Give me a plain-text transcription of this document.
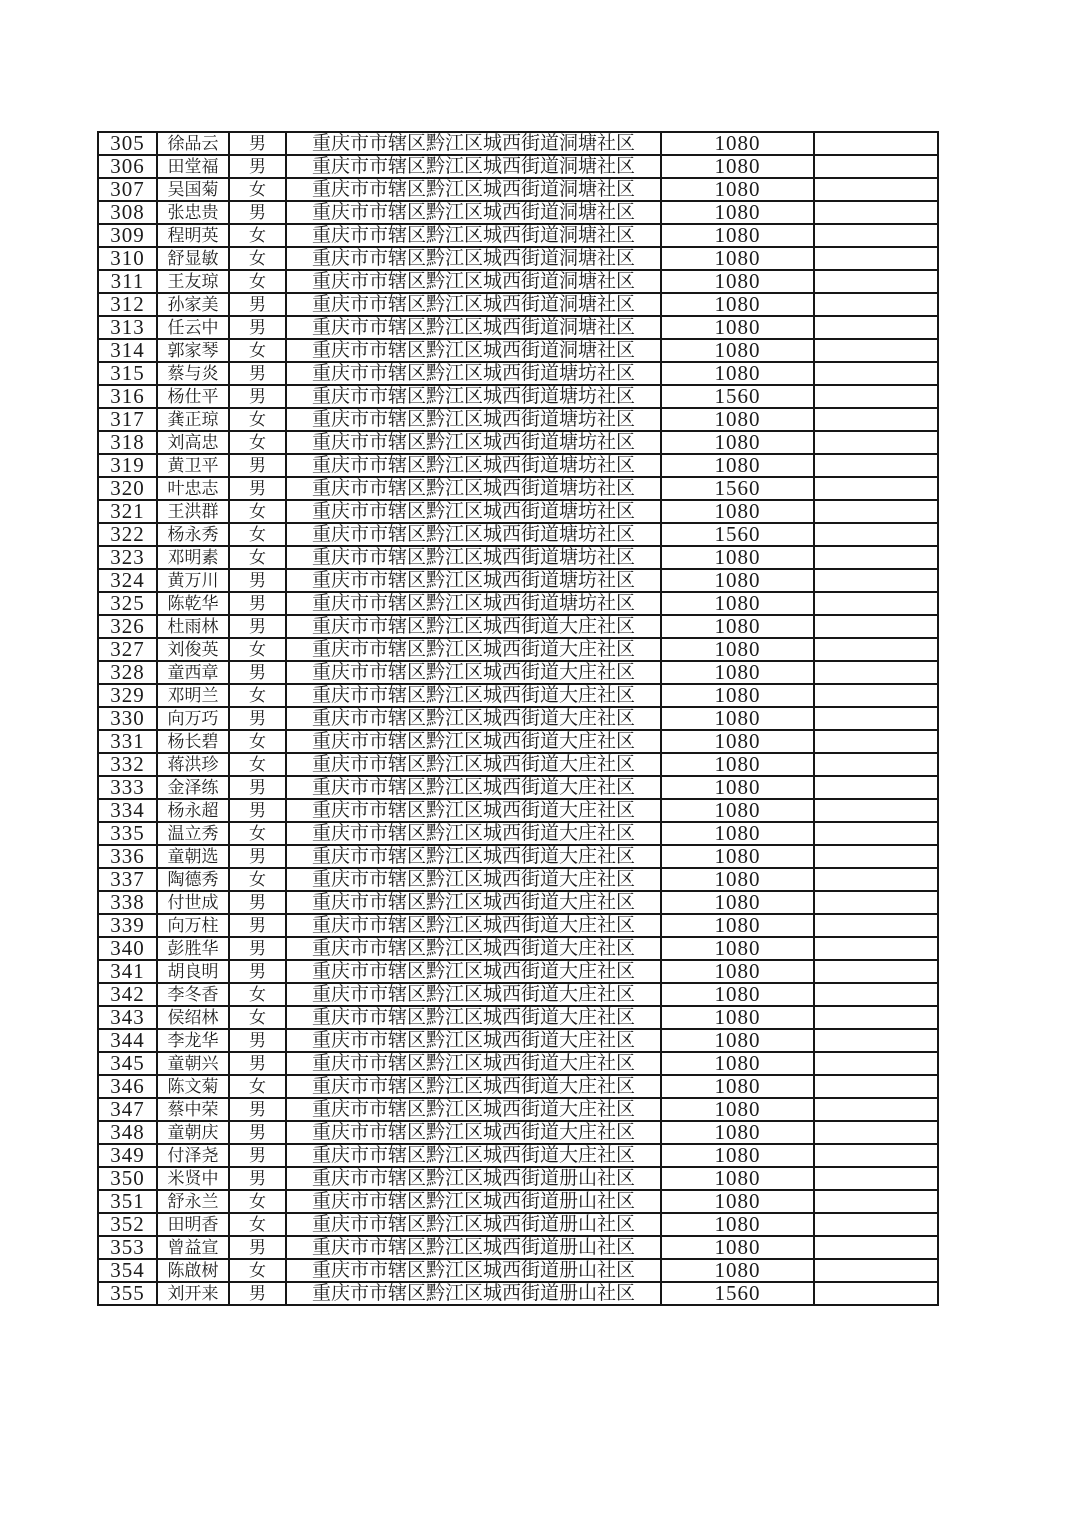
305	徐品云	男	重庆市市辖区黔江区城西街道洞塘社区	1080	
306	田堂福	男	重庆市市辖区黔江区城西街道洞塘社区	1080	
307	吴国菊	女	重庆市市辖区黔江区城西街道洞塘社区	1080	
308	张忠贵	男	重庆市市辖区黔江区城西街道洞塘社区	1080	
309	程明英	女	重庆市市辖区黔江区城西街道洞塘社区	1080	
310	舒显敏	女	重庆市市辖区黔江区城西街道洞塘社区	1080	
311	王友琼	女	重庆市市辖区黔江区城西街道洞塘社区	1080	
312	孙家美	男	重庆市市辖区黔江区城西街道洞塘社区	1080	
313	任云中	男	重庆市市辖区黔江区城西街道洞塘社区	1080	
314	郭家琴	女	重庆市市辖区黔江区城西街道洞塘社区	1080	
315	蔡与炎	男	重庆市市辖区黔江区城西街道塘坊社区	1080	
316	杨仕平	男	重庆市市辖区黔江区城西街道塘坊社区	1560	
317	龚正琼	女	重庆市市辖区黔江区城西街道塘坊社区	1080	
318	刘高忠	女	重庆市市辖区黔江区城西街道塘坊社区	1080	
319	黄卫平	男	重庆市市辖区黔江区城西街道塘坊社区	1080	
320	叶忠志	男	重庆市市辖区黔江区城西街道塘坊社区	1560	
321	王洪群	女	重庆市市辖区黔江区城西街道塘坊社区	1080	
322	杨永秀	女	重庆市市辖区黔江区城西街道塘坊社区	1560	
323	邓明素	女	重庆市市辖区黔江区城西街道塘坊社区	1080	
324	黄万川	男	重庆市市辖区黔江区城西街道塘坊社区	1080	
325	陈乾华	男	重庆市市辖区黔江区城西街道塘坊社区	1080	
326	杜雨林	男	重庆市市辖区黔江区城西街道大庄社区	1080	
327	刘俊英	女	重庆市市辖区黔江区城西街道大庄社区	1080	
328	童西章	男	重庆市市辖区黔江区城西街道大庄社区	1080	
329	邓明兰	女	重庆市市辖区黔江区城西街道大庄社区	1080	
330	向万巧	男	重庆市市辖区黔江区城西街道大庄社区	1080	
331	杨长碧	女	重庆市市辖区黔江区城西街道大庄社区	1080	
332	蒋洪珍	女	重庆市市辖区黔江区城西街道大庄社区	1080	
333	金泽练	男	重庆市市辖区黔江区城西街道大庄社区	1080	
334	杨永超	男	重庆市市辖区黔江区城西街道大庄社区	1080	
335	温立秀	女	重庆市市辖区黔江区城西街道大庄社区	1080	
336	童朝选	男	重庆市市辖区黔江区城西街道大庄社区	1080	
337	陶德秀	女	重庆市市辖区黔江区城西街道大庄社区	1080	
338	付世成	男	重庆市市辖区黔江区城西街道大庄社区	1080	
339	向万柱	男	重庆市市辖区黔江区城西街道大庄社区	1080	
340	彭胜华	男	重庆市市辖区黔江区城西街道大庄社区	1080	
341	胡良明	男	重庆市市辖区黔江区城西街道大庄社区	1080	
342	李冬香	女	重庆市市辖区黔江区城西街道大庄社区	1080	
343	侯绍林	女	重庆市市辖区黔江区城西街道大庄社区	1080	
344	李龙华	男	重庆市市辖区黔江区城西街道大庄社区	1080	
345	童朝兴	男	重庆市市辖区黔江区城西街道大庄社区	1080	
346	陈文菊	女	重庆市市辖区黔江区城西街道大庄社区	1080	
347	蔡中荣	男	重庆市市辖区黔江区城西街道大庄社区	1080	
348	童朝庆	男	重庆市市辖区黔江区城西街道大庄社区	1080	
349	付泽尧	男	重庆市市辖区黔江区城西街道大庄社区	1080	
350	米贤中	男	重庆市市辖区黔江区城西街道册山社区	1080	
351	舒永兰	女	重庆市市辖区黔江区城西街道册山社区	1080	
352	田明香	女	重庆市市辖区黔江区城西街道册山社区	1080	
353	曾益宣	男	重庆市市辖区黔江区城西街道册山社区	1080	
354	陈啟树	女	重庆市市辖区黔江区城西街道册山社区	1080	
355	刘开来	男	重庆市市辖区黔江区城西街道册山社区	1560	
